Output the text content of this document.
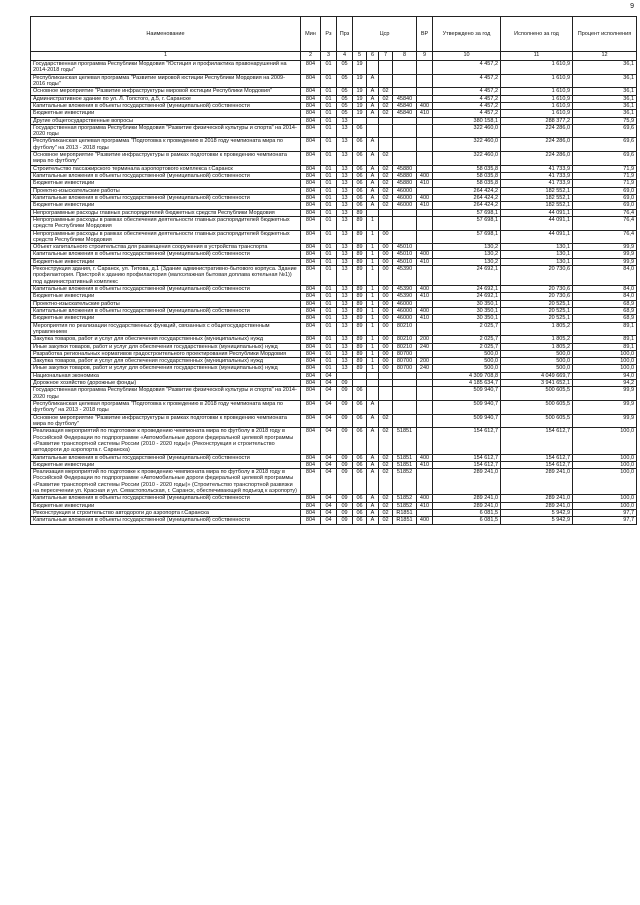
9
Наименование	Мин	Рз	Прз	Цср				ВР	Утверждено за год	Исполнено за год	Процент исполнения
1	2	3	4	5	6	7	8	9	10	11	12
Государственная программа Республики Мордовия "Юстиция и профилактика правонарушений на 2014-2018 годы"	804	01	05	19					4 457,2	1 610,9	36,1
Республиканская целевая программа "Развитие мировой юстиции Республики Мордовия на 2009- 2016 годы"	804	01	05	19	А				4 457,2	1 610,9	36,1
Основное мероприятие "Развитие инфраструктуры мировой юстиции Республики Мордовия"	804	01	05	19	А	02			4 457,2	1 610,9	36,1
Административное здание по ул. Л. Толстого, д.5, г. Саранске	804	01	05	19	А	02	45840		4 457,2	1 610,9	36,1
Капитальные вложения в объекты государственной (муниципальной) собственности	804	01	05	19	А	02	45840	400	4 457,2	1 610,9	36,1
Бюджетные инвестиции	804	01	05	19	А	02	45840	410	4 457,2	1 610,9	36,1
Другие общегосударственные вопросы	804	01	13						380 158,1	288 377,2	75,9
Государственная программа Республики Мордовия "Развитие физической культуры и спорта" на 2014-2020 годы	804	01	13	06					322 460,0	224 286,0	69,6
Республиканская целевая программа "Подготовка к проведению в 2018 году чемпионата мира по футболу" на 2013 - 2018 годы	804	01	13	06	А				322 460,0	224 286,0	69,6
Основное мероприятие "Развитие инфраструктуры в рамках подготовки к проведению чемпионата мира по футболу"	804	01	13	06	А	02			322 460,0	224 286,0	69,6
Строительство пассажирского терминала аэропортового комплекса г.Саранск	804	01	13	06	А	02	45880		58 035,8	41 733,9	71,9
Капитальные вложения в объекты государственной (муниципальной) собственности	804	01	13	06	А	02	45880	400	58 035,8	41 733,9	71,9
Бюджетные инвестиции	804	01	13	06	А	02	45880	410	58 035,8	41 733,9	71,9
Проектно-изыскательские работы	804	01	13	06	А	02	46000		264 424,2	182 552,1	69,0
Капитальные вложения в объекты государственной (муниципальной) собственности	804	01	13	06	А	02	46000	400	264 424,2	182 552,1	69,0
Бюджетные инвестиции	804	01	13	06	А	02	46000	410	264 424,2	182 552,1	69,0
Непрограммные расходы главных распорядителей бюджетных средств Республики Мордовия	804	01	13	89					57 698,1	44 091,1	76,4
Непрограммные расходы в рамках обеспечения деятельности главных распорядителей бюджетных средств Республики Мордовия	804	01	13	89	1				57 698,1	44 091,1	76,4
Непрограммные расходы в рамках обеспечения деятельности главных распорядителей бюджетных средств Республики Мордовия	804	01	13	89	1	00			57 698,1	44 091,1	76,4
Объект капитального строительства для размещения сооружения в устройства транспорта	804	01	13	89	1	00	45010		130,2	130,1	99,9
Капитальные вложения в объекты государственной (муниципальной) собственности	804	01	13	89	1	00	45010	400	130,2	130,1	99,9
Бюджетные инвестиции	804	01	13	89	1	00	45010	410	130,2	130,1	99,9
Реконструкция здания, г. Саранск, ул. Титова, д.1 (Здание административно-бытового корпуса. Здание профилактория. Пристрой к зданию профилактория (малоэтажная бытовая доплава котельная №1)) под административный комплекс	804	01	13	89	1	00	45390		24 692,1	20 730,6	84,0
Капитальные вложения в объекты государственной (муниципальной) собственности	804	01	13	89	1	00	45390	400	24 692,1	20 730,6	84,0
Бюджетные инвестиции	804	01	13	89	1	00	45390	410	24 692,1	20 730,6	84,0
Проектно-изыскательские работы	804	01	13	89	1	00	46000		30 350,1	20 525,1	68,9
Капитальные вложения в объекты государственной (муниципальной) собственности	804	01	13	89	1	00	46000	400	30 350,1	20 525,1	68,9
Бюджетные инвестиции	804	01	13	89	1	00	46000	410	30 350,1	20 525,1	68,9
Мероприятия по реализации государственных функций, связанных с общегосударственным управлением	804	01	13	89	1	00	80210		2 025,7	1 805,2	89,1
Закупка товаров, работ и услуг для обеспечения государственных (муниципальных) нужд	804	01	13	89	1	00	80210	200	2 025,7	1 805,2	89,1
Иные закупки товаров, работ и услуг для обеспечения государственных (муниципальных) нужд	804	01	13	89	1	00	80210	240	2 025,7	1 805,2	89,1
Разработка региональных нормативов градостроительного проектирования Республики Мордовия	804	01	13	89	1	00	80700		500,0	500,0	100,0
Закупка товаров, работ и услуг для обеспечения государственных (муниципальных) нужд	804	01	13	89	1	00	80700	200	500,0	500,0	100,0
Иные закупки товаров, работ и услуг для обеспечения государственных (муниципальных) нужд	804	01	13	89	1	00	80700	240	500,0	500,0	100,0
Национальная экономика	804	04							4 309 708,8	4 049 669,7	94,0
Дорожное хозяйство (дорожные фонды)	804	04	09						4 185 634,7	3 941 652,1	94,2
Государственная программа Республики Мордовия "Развитие физической культуры и спорта" на 2014-2020 годы	804	04	09	06					509 940,7	500 605,5	99,9
Республиканская целевая программа "Подготовка к проведению в 2018 году чемпионата мира по футболу" на 2013 - 2018 годы	804	04	09	06	А				509 940,7	500 605,5	99,9
Основное мероприятие "Развитие инфраструктуры в рамках подготовки к проведению чемпионата мира по футболу"	804	04	09	06	А	02			509 940,7	500 605,5	99,9
Реализация мероприятий по подготовке к проведению чемпионата мира по футболу в 2018 году в Российской Федерации по подпрограмме «Автомобильные дороги федеральной целевой программы «Развитие транспортной системы России (2010 - 2020 годы)» (Реконструкция и строительство автодороги до аэропорта г. Саранска)	804	04	09	06	А	02	51851		154 612,7	154 612,7	100,0
Капитальные вложения в объекты государственной (муниципальной) собственности	804	04	09	06	А	02	51851	400	154 612,7	154 612,7	100,0
Бюджетные инвестиции	804	04	09	06	А	02	51851	410	154 612,7	154 612,7	100,0
Реализация мероприятий по подготовке к проведению чемпионата мира по футболу в 2018 году в Российской Федерации по подпрограмме «Автомобильные дороги федеральной целевой программы «Развитие транспортной системы России (2010 - 2020 годы)» (Строительство транспортной развязки на пересечении ул. Красная и ул. Севастопольская, г. Саранск, обеспечивающей подъезд к аэропорту)	804	04	09	06	А	02	51852		289 241,0	289 241,0	100,0
Капитальные вложения в объекты государственной (муниципальной) собственности	804	04	09	06	А	02	51852	400	289 241,0	289 241,0	100,0
Бюджетные инвестиции	804	04	09	06	А	02	51852	410	289 241,0	289 241,0	100,0
Реконструкция и строительство автодороги до аэропорта г.Саранска	804	04	09	06	А	02	R1851		6 081,5	5 942,9	97,7
Капитальные вложения в объекты государственной (муниципальной) собственности	804	04	09	06	А	02	R1851	400	6 081,5	5 942,9	97,7
